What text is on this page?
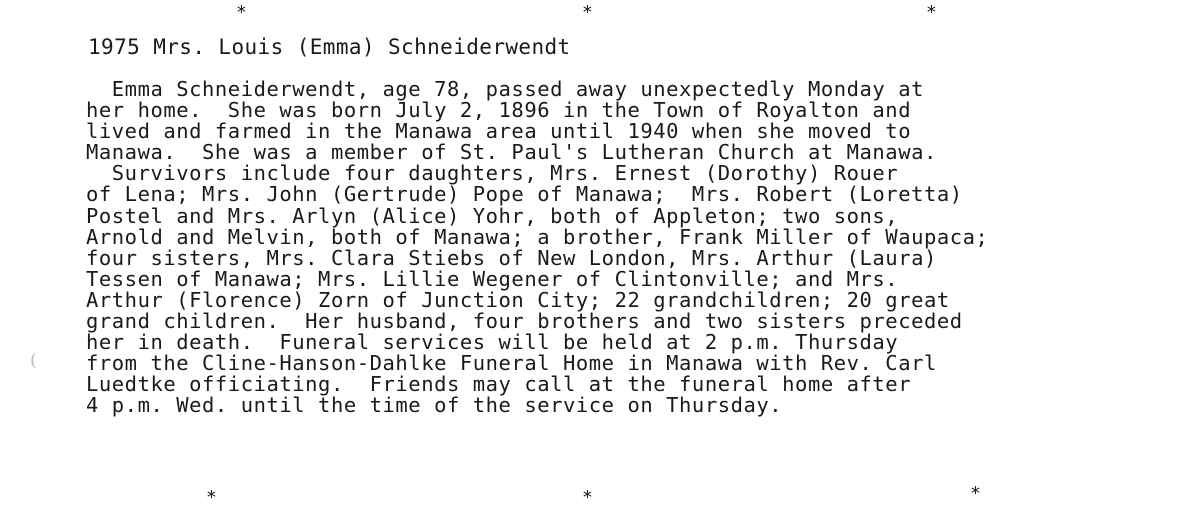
*	*	*
1975 Mrs. Louis (Emma) Schneiderwendt
(
Emma Schneiderwendt, age 78, passed away unexpectedly Monday at
her home.  She was born July 2, 1896 in the Town of Royalton and
lived and farmed in the Manawa area until 1940 when she moved to
Manawa.  She was a member of St. Paul's Lutheran Church at Manawa.
Survivors include four daughters, Mrs. Ernest (Dorothy) Rouer
of Lena; Mrs. John (Gertrude) Pope of Manawa;  Mrs. Robert (Loretta)
Postel and Mrs. Arlyn (Alice) Yohr, both of Appleton; two sons,
Arnold and Melvin, both of Manawa; a brother, Frank Miller of Waupaca;
four sisters, Mrs. Clara Stiebs of New London, Mrs. Arthur (Laura)
Tessen of Manawa; Mrs. Lillie Wegener of Clintonville; and Mrs.
Arthur (Florence) Zorn of Junction City; 22 grandchildren; 20 great
grand children.  Her husband, four brothers and two sisters preceded
her in death.  Funeral services will be held at 2 p.m. Thursday
from the Cline-Hanson-Dahlke Funeral Home in Manawa with Rev. Carl
Luedtke officiating.  Friends may call at the funeral home after
4 p.m. Wed. until the time of the service on Thursday.
*	*	*
